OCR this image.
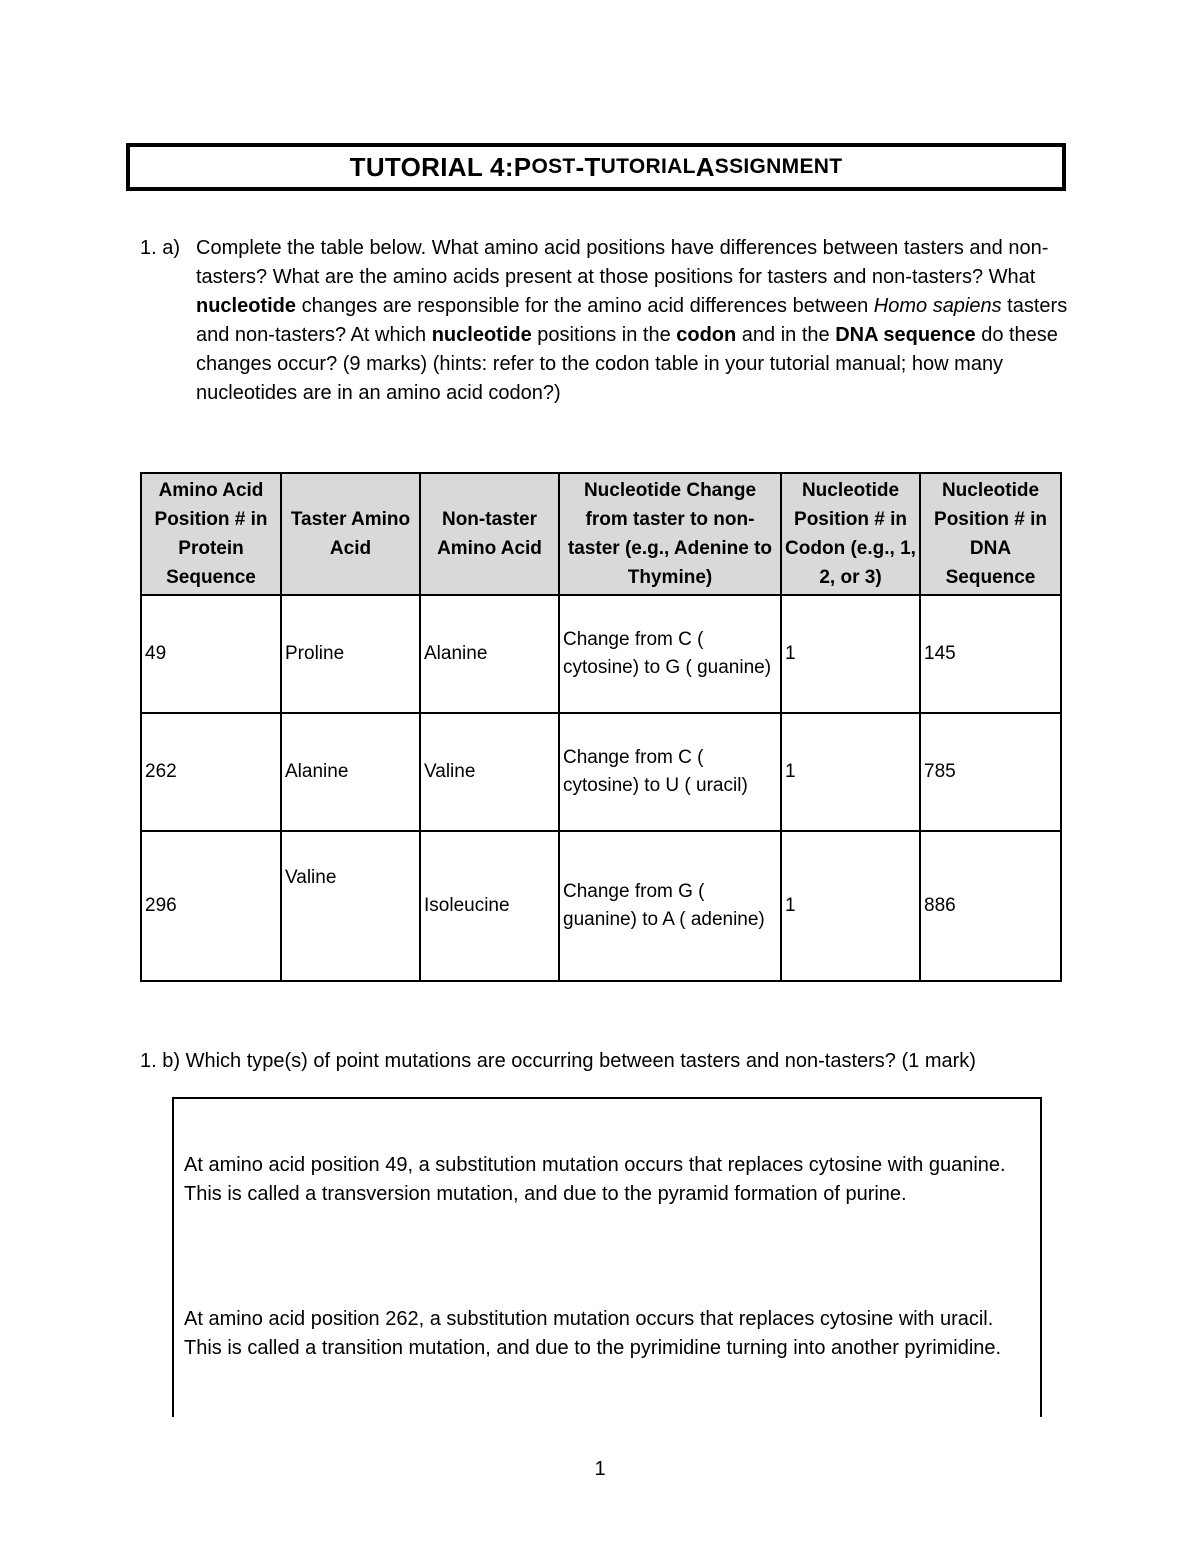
TUTORIAL 4: P OST - T UTORIAL A SSIGNMENT
1. a) Complete the table below. What amino acid positions have differences between tasters and non-tasters? What are the amino acids present at those positions for tasters and non-tasters? What nucleotide changes are responsible for the amino acid differences between Homo sapiens tasters and non-tasters? At which nucleotide positions in the codon and in the DNA sequence do these changes occur? (9 marks) (hints: refer to the codon table in your tutorial manual; how many nucleotides are in an amino acid codon?)
Amino Acid Position # in Protein Sequence	Taster Amino Acid	Non-taster Amino Acid	Nucleotide Change from taster to non-taster (e.g., Adenine to Thymine)	Nucleotide Position # in Codon (e.g., 1, 2, or 3)	Nucleotide Position # in DNA Sequence
49	Proline	Alanine	Change from C ( cytosine) to G ( guanine)	1	145
262	Alanine	Valine	Change from C ( cytosine) to U ( uracil)	1	785
296	Valine	Isoleucine	Change from G ( guanine) to A ( adenine)	1	886
1. b) Which type(s) of point mutations are occurring between tasters and non-tasters? (1 mark)
At amino acid position 49, a substitution mutation occurs that replaces cytosine with guanine. This is called a transversion mutation, and due to the pyramid formation of purine.
At amino acid position 262, a substitution mutation occurs that replaces cytosine with uracil. This is called a transition mutation, and due to the pyrimidine turning into another pyrimidine.
1
